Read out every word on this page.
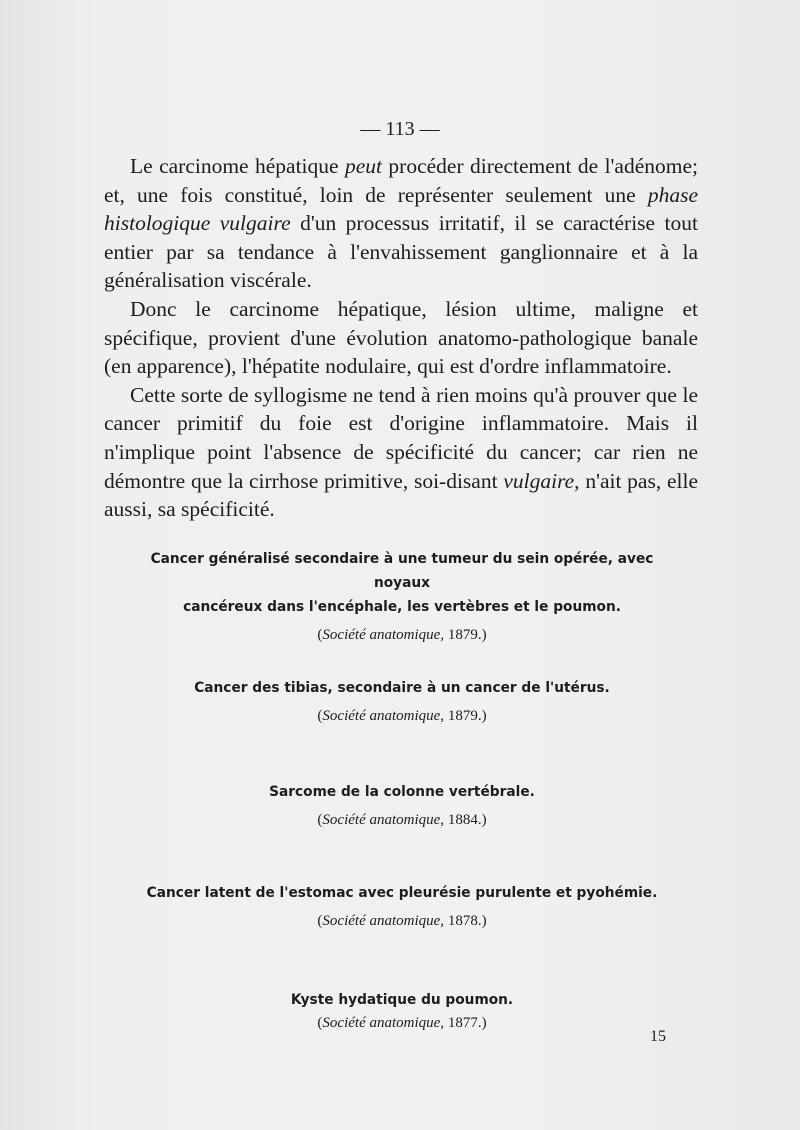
— 113 —

Le carcinome hépatique peut procéder directement de l'adénome; et, une fois constitué, loin de représenter seulement une phase histologique vulgaire d'un processus irritatif, il se caractérise tout entier par sa tendance à l'envahissement ganglionnaire et à la généralisation viscérale.

Donc le carcinome hépatique, lésion ultime, maligne et spécifique, provient d'une évolution anatomo-pathologique banale (en apparence), l'hépatite nodulaire, qui est d'ordre inflammatoire.

Cette sorte de syllogisme ne tend à rien moins qu'à prouver que le cancer primitif du foie est d'origine inflammatoire. Mais il n'implique point l'absence de spécificité du cancer; car rien ne démontre que la cirrhose primitive, soi-disant vulgaire, n'ait pas, elle aussi, sa spécificité.

Cancer généralisé secondaire à une tumeur du sein opérée, avec noyaux
cancéreux dans l'encéphale, les vertèbres et le poumon.
(Société anatomique, 1879.)
Cancer des tibias, secondaire à un cancer de l'utérus.
(Société anatomique, 1879.)
Sarcome de la colonne vertébrale.
(Société anatomique, 1884.)
Cancer latent de l'estomac avec pleurésie purulente et pyohémie.
(Société anatomique, 1878.)
Kyste hydatique du poumon.
(Société anatomique, 1877.)
15
